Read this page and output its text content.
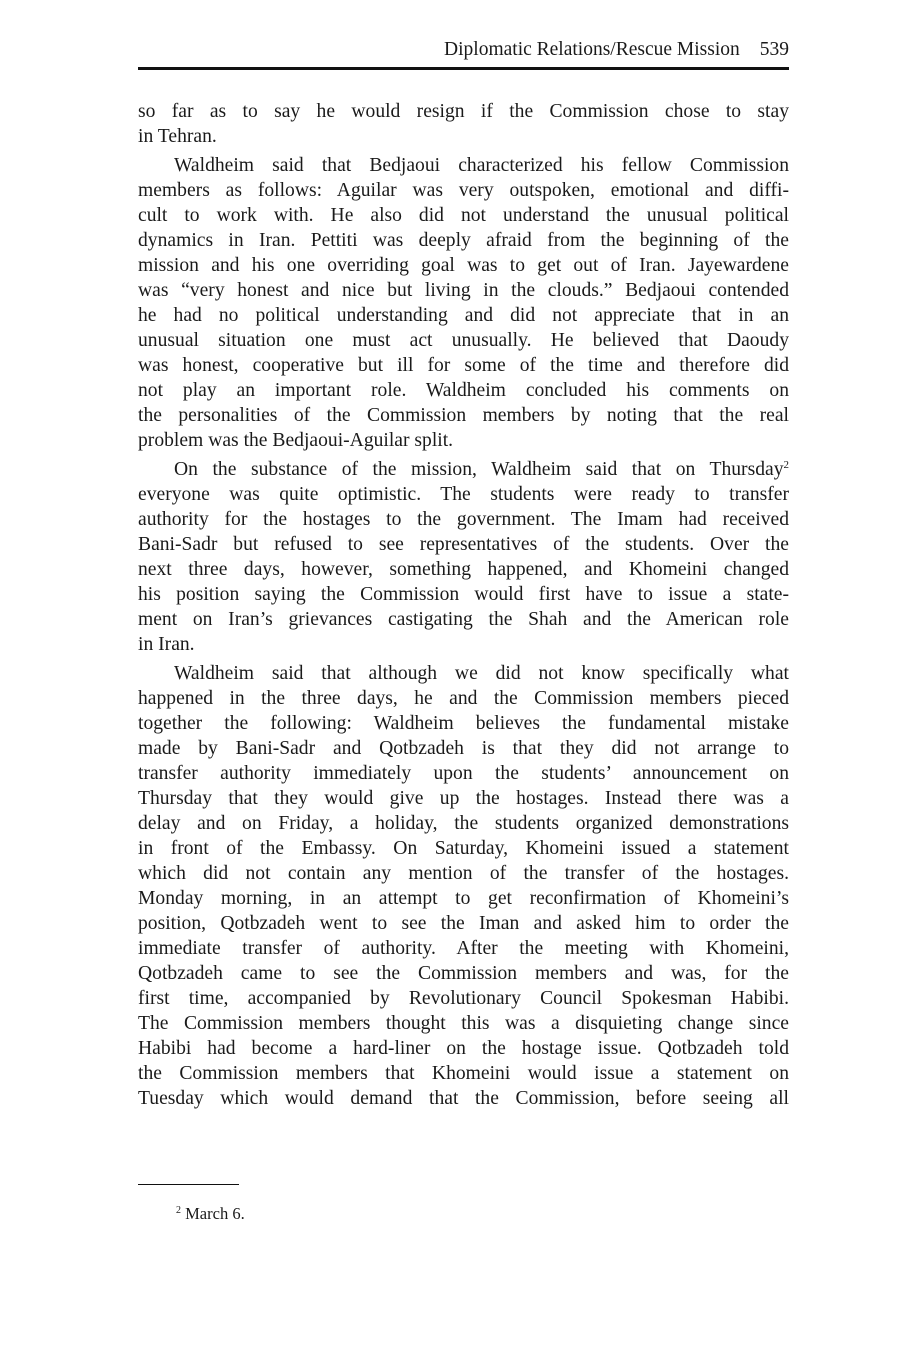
Diplomatic Relations/Rescue Mission 539
so far as to say he would resign if the Commission chose to stay
in Tehran.
Waldheim said that Bedjaoui characterized his fellow Commission
members as follows: Aguilar was very outspoken, emotional and diffi-
cult to work with. He also did not understand the unusual political
dynamics in Iran. Pettiti was deeply afraid from the beginning of the
mission and his one overriding goal was to get out of Iran. Jayewardene
was “very honest and nice but living in the clouds.” Bedjaoui contended
he had no political understanding and did not appreciate that in an
unusual situation one must act unusually. He believed that Daoudy
was honest, cooperative but ill for some of the time and therefore did
not play an important role. Waldheim concluded his comments on
the personalities of the Commission members by noting that the real
problem was the Bedjaoui-Aguilar split.
On the substance of the mission, Waldheim said that on Thursday$^2$
everyone was quite optimistic. The students were ready to transfer
authority for the hostages to the government. The Imam had received
Bani-Sadr but refused to see representatives of the students. Over the
next three days, however, something happened, and Khomeini changed
his position saying the Commission would first have to issue a state-
ment on Iran’s grievances castigating the Shah and the American role
in Iran.
Waldheim said that although we did not know specifically what
happened in the three days, he and the Commission members pieced
together the following: Waldheim believes the fundamental mistake
made by Bani-Sadr and Qotbzadeh is that they did not arrange to
transfer authority immediately upon the students’ announcement on
Thursday that they would give up the hostages. Instead there was a
delay and on Friday, a holiday, the students organized demonstrations
in front of the Embassy. On Saturday, Khomeini issued a statement
which did not contain any mention of the transfer of the hostages.
Monday morning, in an attempt to get reconfirmation of Khomeini’s
position, Qotbzadeh went to see the Iman and asked him to order the
immediate transfer of authority. After the meeting with Khomeini,
Qotbzadeh came to see the Commission members and was, for the
first time, accompanied by Revolutionary Council Spokesman Habibi.
The Commission members thought this was a disquieting change since
Habibi had become a hard-liner on the hostage issue. Qotbzadeh told
the Commission members that Khomeini would issue a statement on
Tuesday which would demand that the Commission, before seeing all
$^2$ March 6.
